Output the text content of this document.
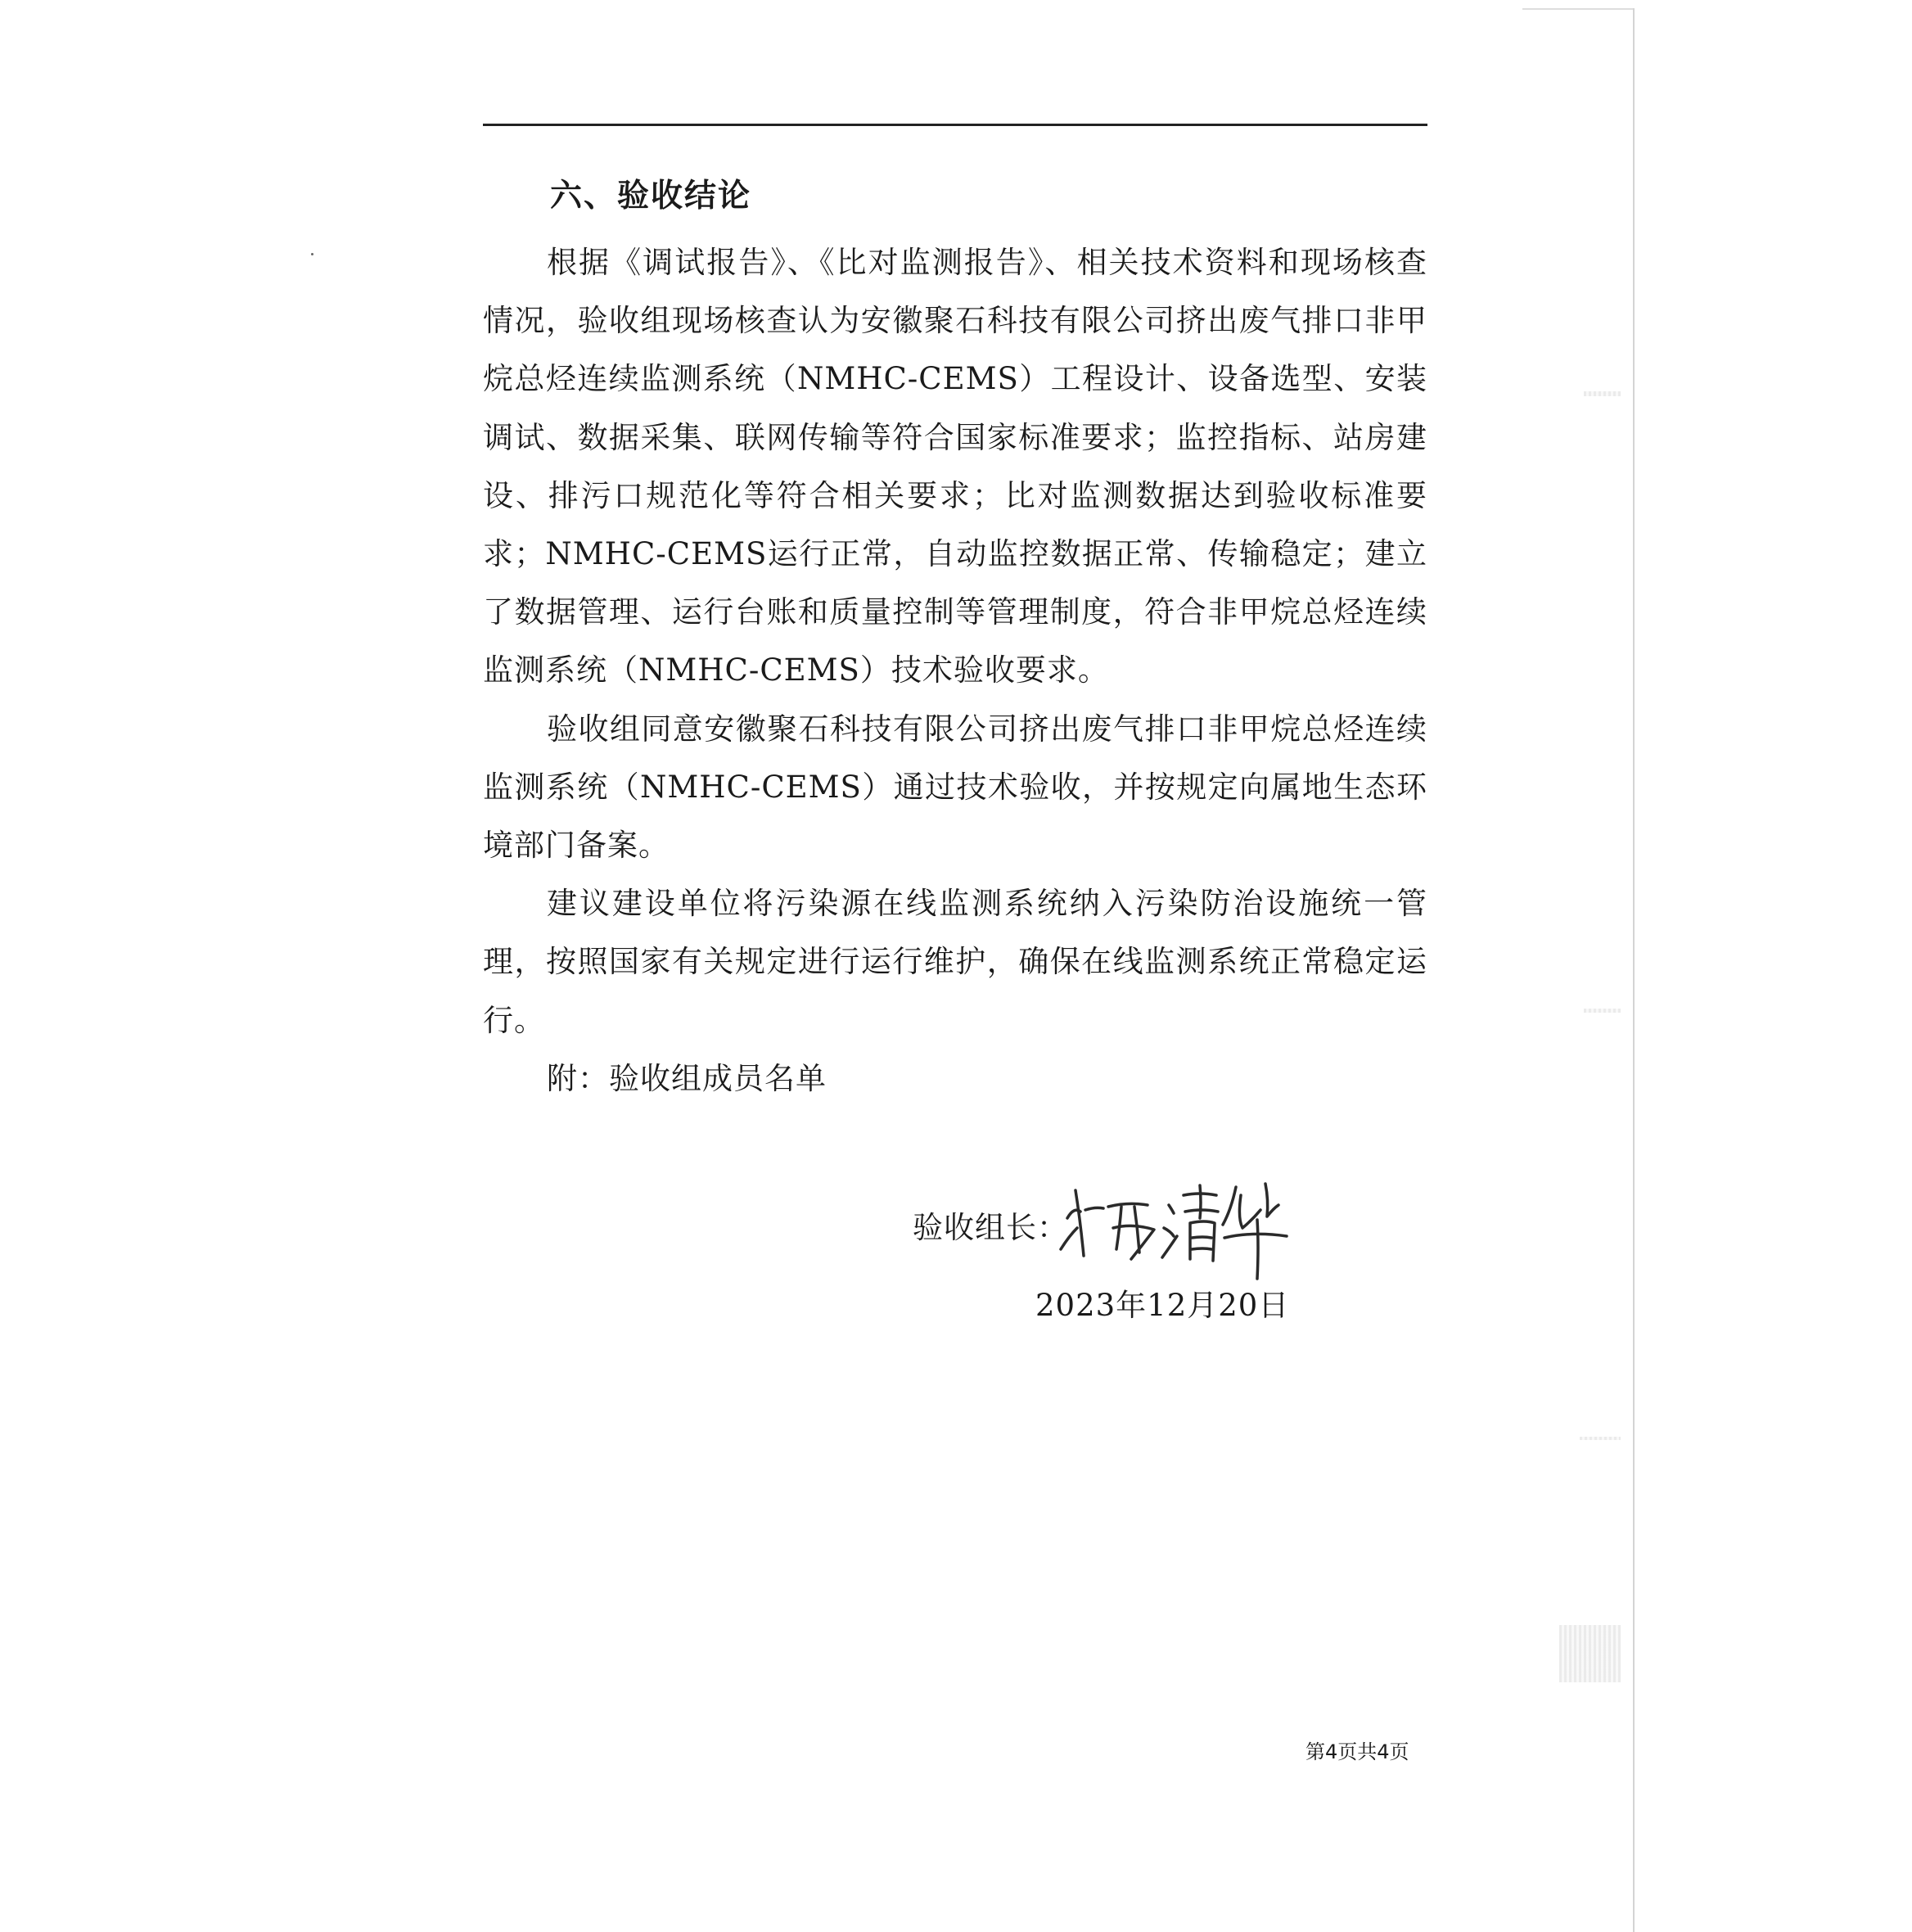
六、验收结论

根据《调试报告》、《比对监测报告》、相关技术资料和现场核查情况，验收组现场核查认为安徽聚石科技有限公司挤出废气排口非甲烷总烃连续监测系统（NMHC-CEMS）工程设计、设备选型、安装调试、数据采集、联网传输等符合国家标准要求；监控指标、站房建设、排污口规范化等符合相关要求；比对监测数据达到验收标准要求；NMHC-CEMS运行正常，自动监控数据正常、传输稳定；建立了数据管理、运行台账和质量控制等管理制度，符合非甲烷总烃连续监测系统（NMHC-CEMS）技术验收要求。

验收组同意安徽聚石科技有限公司挤出废气排口非甲烷总烃连续监测系统（NMHC-CEMS）通过技术验收，并按规定向属地生态环境部门备案。

建议建设单位将污染源在线监测系统纳入污染防治设施统一管理，按照国家有关规定进行运行维护，确保在线监测系统正常稳定运行。

附：验收组成员名单

验收组长：

2023年12月20日

第4页共4页
